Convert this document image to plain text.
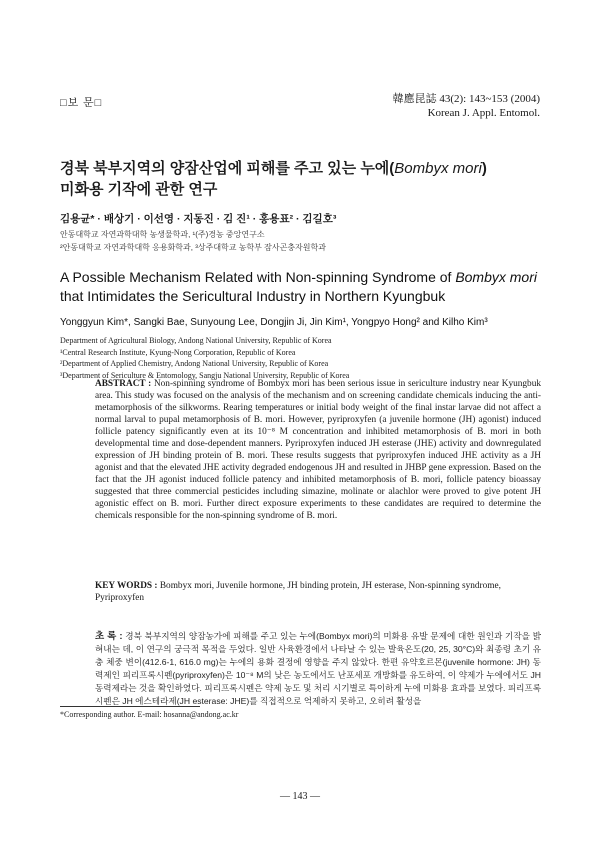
□보 문□	韓應昆誌 43(2): 143~153 (2004)
Korean J. Appl. Entomol.
경북 북부지역의 양잠산업에 피해를 주고 있는 누에(Bombyx mori)
미화용 기작에 관한 연구
김용균* · 배상기 · 이선영 · 지동진 · 김 진¹ · 홍용표² · 김길호³
안동대학교 자연과학대학 농생물학과, ¹(주)경농 중앙연구소
²안동대학교 자연과학대학 응용화학과, ³상주대학교 농학부 잠사곤충자원학과
A Possible Mechanism Related with Non-spinning Syndrome of Bombyx mori
that Intimidates the Sericultural Industry in Northern Kyungbuk
Yonggyun Kim*, Sangki Bae, Sunyoung Lee, Dongjin Ji, Jin Kim¹, Yongpyo Hong² and Kilho Kim³
Department of Agricultural Biology, Andong National University, Republic of Korea
¹Central Research Institute, Kyung-Nong Corporation, Republic of Korea
²Department of Applied Chemistry, Andong National University, Republic of Korea
³Department of Sericulture & Entomology, Sangju National University, Republic of Korea

ABSTRACT : Non-spinning syndrome of Bombyx mori has been serious issue in sericulture industry near Kyungbuk area. This study was focused on the analysis of the mechanism and on screening candidate chemicals inducing the anti-metamorphosis of the silkworms. Rearing temperatures or initial body weight of the final instar larvae did not affect a normal larval to pupal metamorphosis of B. mori. However, pyriproxyfen (a juvenile hormone (JH) agonist) induced follicle patency significantly even at its 10⁻⁸ M concentration and inhibited metamorphosis of B. mori in both developmental time and dose-dependent manners. Pyriproxyfen induced JH esterase (JHE) activity and downregulated expression of JH binding protein of B. mori. These results suggests that pyriproxyfen induced JHE activity as a JH agonist and that the elevated JHE activity degraded endogenous JH and resulted in JHBP gene expression. Based on the fact that the JH agonist induced follicle patency and inhibited metamorphosis of B. mori, follicle patency bioassay suggested that three commercial pesticides including simazine, molinate or alachlor were proved to give potent JH agonistic effect on B. mori. Further direct exposure experiments to these candidates are required to determine the chemicals responsible for the non-spinning syndrome of B. mori.

KEY WORDS : Bombyx mori, Juvenile hormone, JH binding protein, JH esterase, Non-spinning syndrome, Pyriproxyfen

초 록 : 경북 북부지역의 양잠농가에 피해를 주고 있는 누에(Bombyx mori)의 미화용 유발 문제에 대한 원인과 기작을 밝혀내는 데, 이 연구의 궁극적 목적을 두었다. 일반 사육환경에서 나타날 수 있는 발육온도(20, 25, 30°C)와 최종령 초기 유충 체중 변이(412.6-1, 616.0 mg)는 누에의 용화 결정에 영향을 주지 않았다. 한편 유약호르몬(juvenile hormone: JH) 동력제인 피리프록시펜(pyriproxyfen)은 10⁻⁸ M의 낮은 농도에서도 난포세포 개방화를 유도하여, 이 약제가 누에에서도 JH 동력제라는 것을 확인하였다. 피리프록시펜은 약제 농도 및 처리 시기별로 특이하게 누에 미화용 효과를 보였다. 피리프록시펜은 JH 에스테라제(JH esterase: JHE)를 직접적으로 억제하지 못하고, 오히려 활성을

*Corresponding author. E-mail: hosanna@andong.ac.kr
— 143 —
